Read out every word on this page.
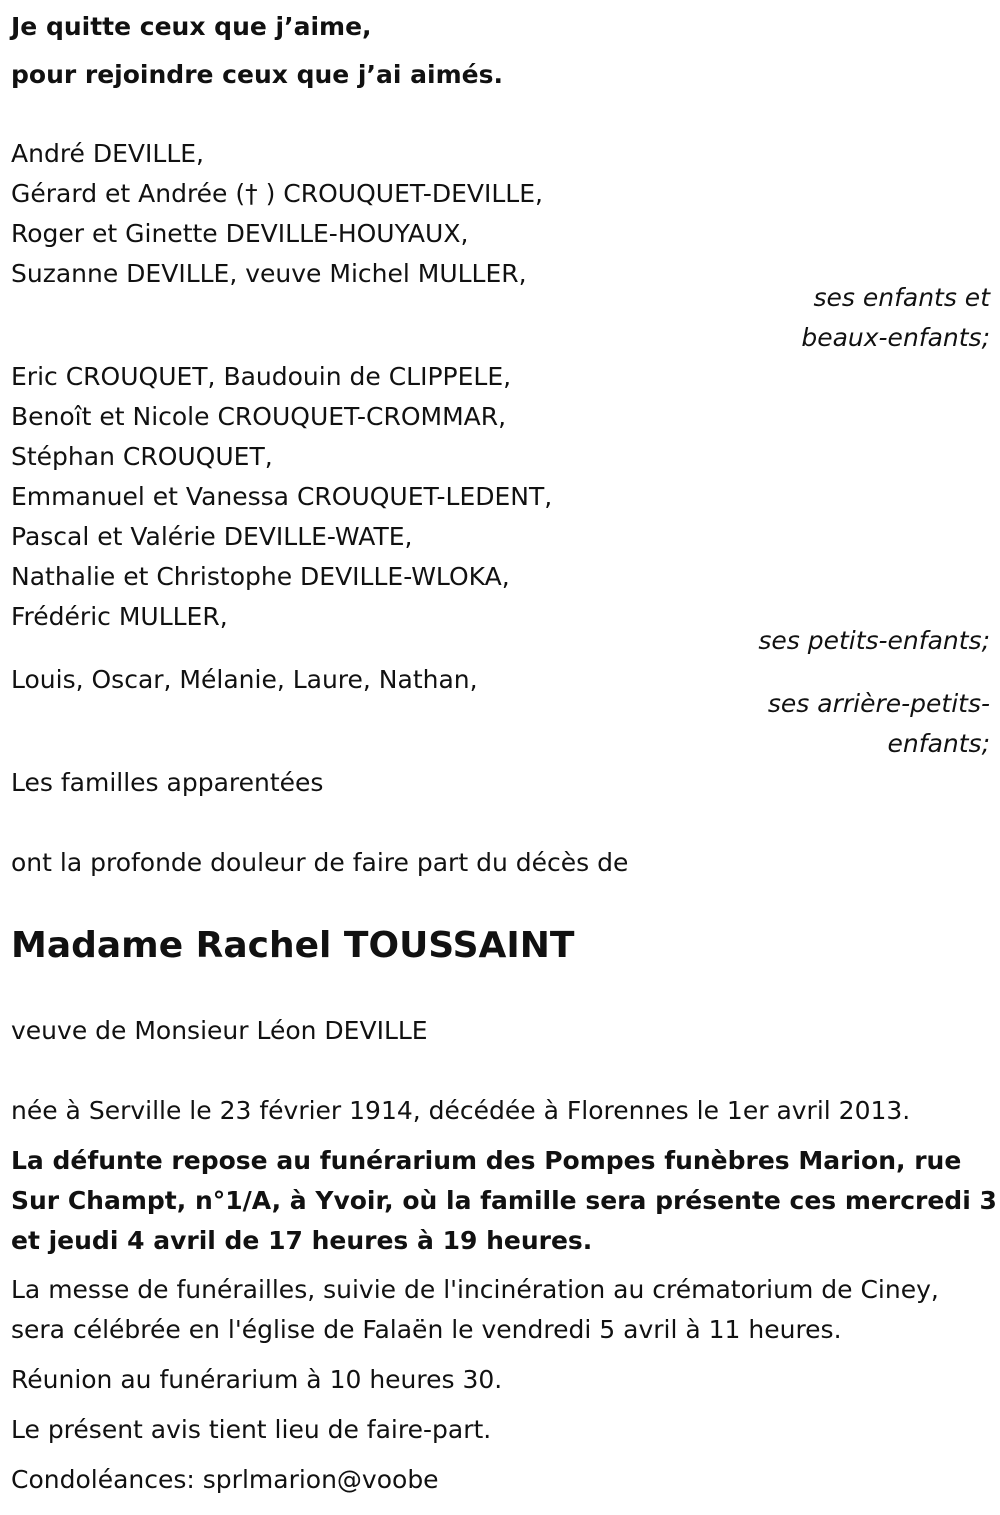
Je quitte ceux que j’aime,
pour rejoindre ceux que j’ai aimés.
André DEVILLE,
Gérard et Andrée († ) CROUQUET-DEVILLE,
Roger et Ginette DEVILLE-HOUYAUX,
Suzanne DEVILLE, veuve Michel MULLER,
ses enfants et
beaux-enfants;
Eric CROUQUET, Baudouin de CLIPPELE,
Benoît et Nicole CROUQUET-CROMMAR,
Stéphan CROUQUET,
Emmanuel et Vanessa CROUQUET-LEDENT,
Pascal et Valérie DEVILLE-WATE,
Nathalie et Christophe DEVILLE-WLOKA,
Frédéric MULLER,
ses petits-enfants;
Louis, Oscar, Mélanie, Laure, Nathan,
ses arrière-petits-
enfants;
Les familles apparentées
ont la profonde douleur de faire part du décès de
Madame Rachel TOUSSAINT
veuve de Monsieur Léon DEVILLE
née à Serville le 23 février 1914, décédée à Florennes le 1er avril 2013.
La défunte repose au funérarium des Pompes funèbres Marion, rue
Sur Champt, n°1/A, à Yvoir, où la famille sera présente ces mercredi 3
et jeudi 4 avril de 17 heures à 19 heures.
La messe de funérailles, suivie de l'incinération au crématorium de Ciney,
sera célébrée en l'église de Falaën le vendredi 5 avril à 11 heures.
Réunion au funérarium à 10 heures 30.
Le présent avis tient lieu de faire-part.
Condoléances: sprlmarion@voobe
